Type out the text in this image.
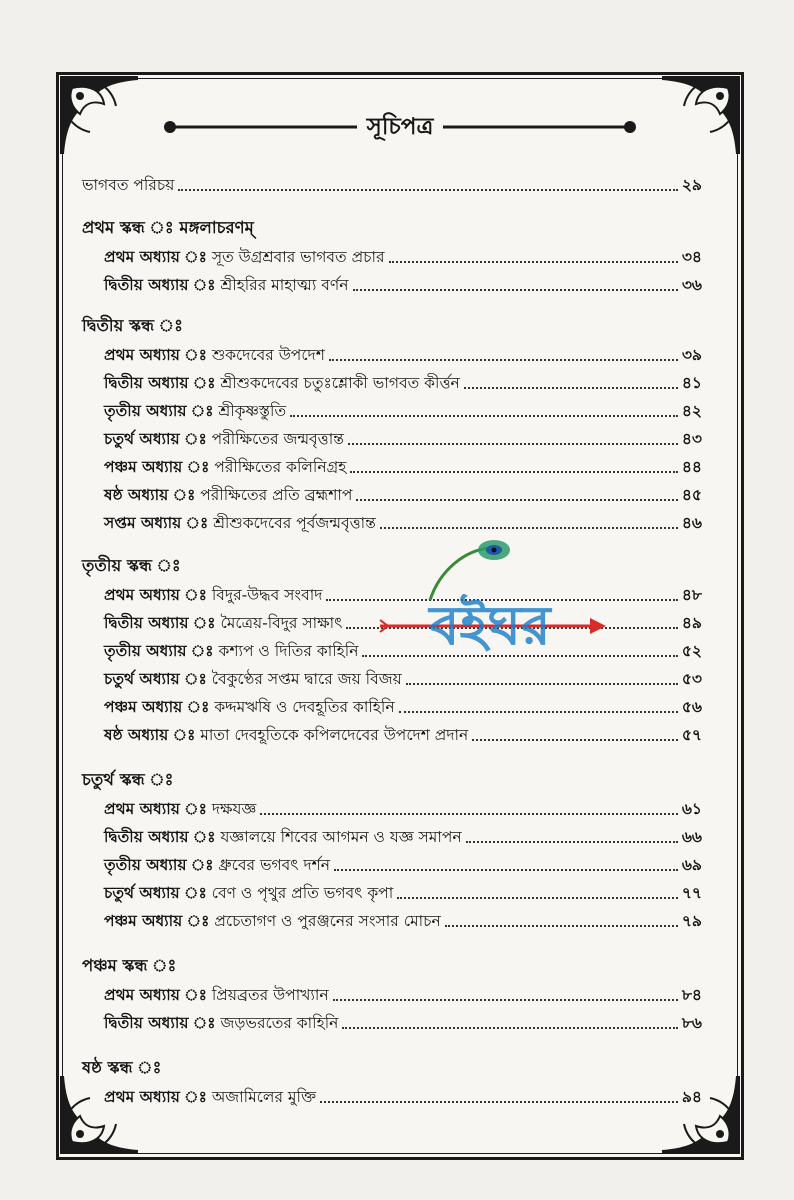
সূচিপত্র
ভাগবত পরিচয়	২৯
প্রথম স্কন্ধ ঃ মঙ্গলাচরণম্
প্রথম অধ্যায় ঃ সূত উগ্রশ্রবার ভাগবত প্রচার	৩৪
দ্বিতীয় অধ্যায় ঃ শ্রীহরির মাহাত্ম্য বর্ণন	৩৬
দ্বিতীয় স্কন্ধ ঃ
প্রথম অধ্যায় ঃ শুকদেবের উপদেশ	৩৯
দ্বিতীয় অধ্যায় ঃ শ্রীশুকদেবের চতুঃশ্লোকী ভাগবত কীর্ত্তন	৪১
তৃতীয় অধ্যায় ঃ শ্রীকৃষ্ণস্তুতি	৪২
চতুর্থ অধ্যায় ঃ পরীক্ষিতের জন্মবৃত্তান্ত	৪৩
পঞ্চম অধ্যায় ঃ পরীক্ষিতের কলিনিগ্রহ	৪৪
ষষ্ঠ অধ্যায় ঃ পরীক্ষিতের প্রতি ব্রহ্মশাপ	৪৫
সপ্তম অধ্যায় ঃ শ্রীশুকদেবের পূর্বজন্মবৃত্তান্ত	৪৬
তৃতীয় স্কন্ধ ঃ
প্রথম অধ্যায় ঃ বিদুর-উদ্ধব সংবাদ	৪৮
দ্বিতীয় অধ্যায় ঃ মৈত্রেয়-বিদুর সাক্ষাৎ	৪৯
তৃতীয় অধ্যায় ঃ কশ্যপ ও দিতির কাহিনি	৫২
চতুর্থ অধ্যায় ঃ বৈকুণ্ঠের সপ্তম দ্বারে জয় বিজয়	৫৩
পঞ্চম অধ্যায় ঃ কদ্দমঋষি ও দেবহূতির কাহিনি	৫৬
ষষ্ঠ অধ্যায় ঃ মাতা দেবহূতিকে কপিলদেবের উপদেশ প্রদান	৫৭
চতুর্থ স্কন্ধ ঃ
প্রথম অধ্যায় ঃ দক্ষযজ্ঞ	৬১
দ্বিতীয় অধ্যায় ঃ যজ্ঞালয়ে শিবের আগমন ও যজ্ঞ সমাপন	৬৬
তৃতীয় অধ্যায় ঃ ধ্রুবের ভগবৎ দর্শন	৬৯
চতুর্থ অধ্যায় ঃ বেণ ও পৃথুর প্রতি ভগবৎ কৃপা	৭৭
পঞ্চম অধ্যায় ঃ প্রচেতাগণ ও পুরঞ্জনের সংসার মোচন	৭৯
পঞ্চম স্কন্ধ ঃ
প্রথম অধ্যায় ঃ প্রিয়ব্রতর উপাখ্যান	৮৪
দ্বিতীয় অধ্যায় ঃ জড়ভরতের কাহিনি	৮৬
ষষ্ঠ স্কন্ধ ঃ
প্রথম অধ্যায় ঃ অজামিলের মুক্তি	৯৪
বইঘর
